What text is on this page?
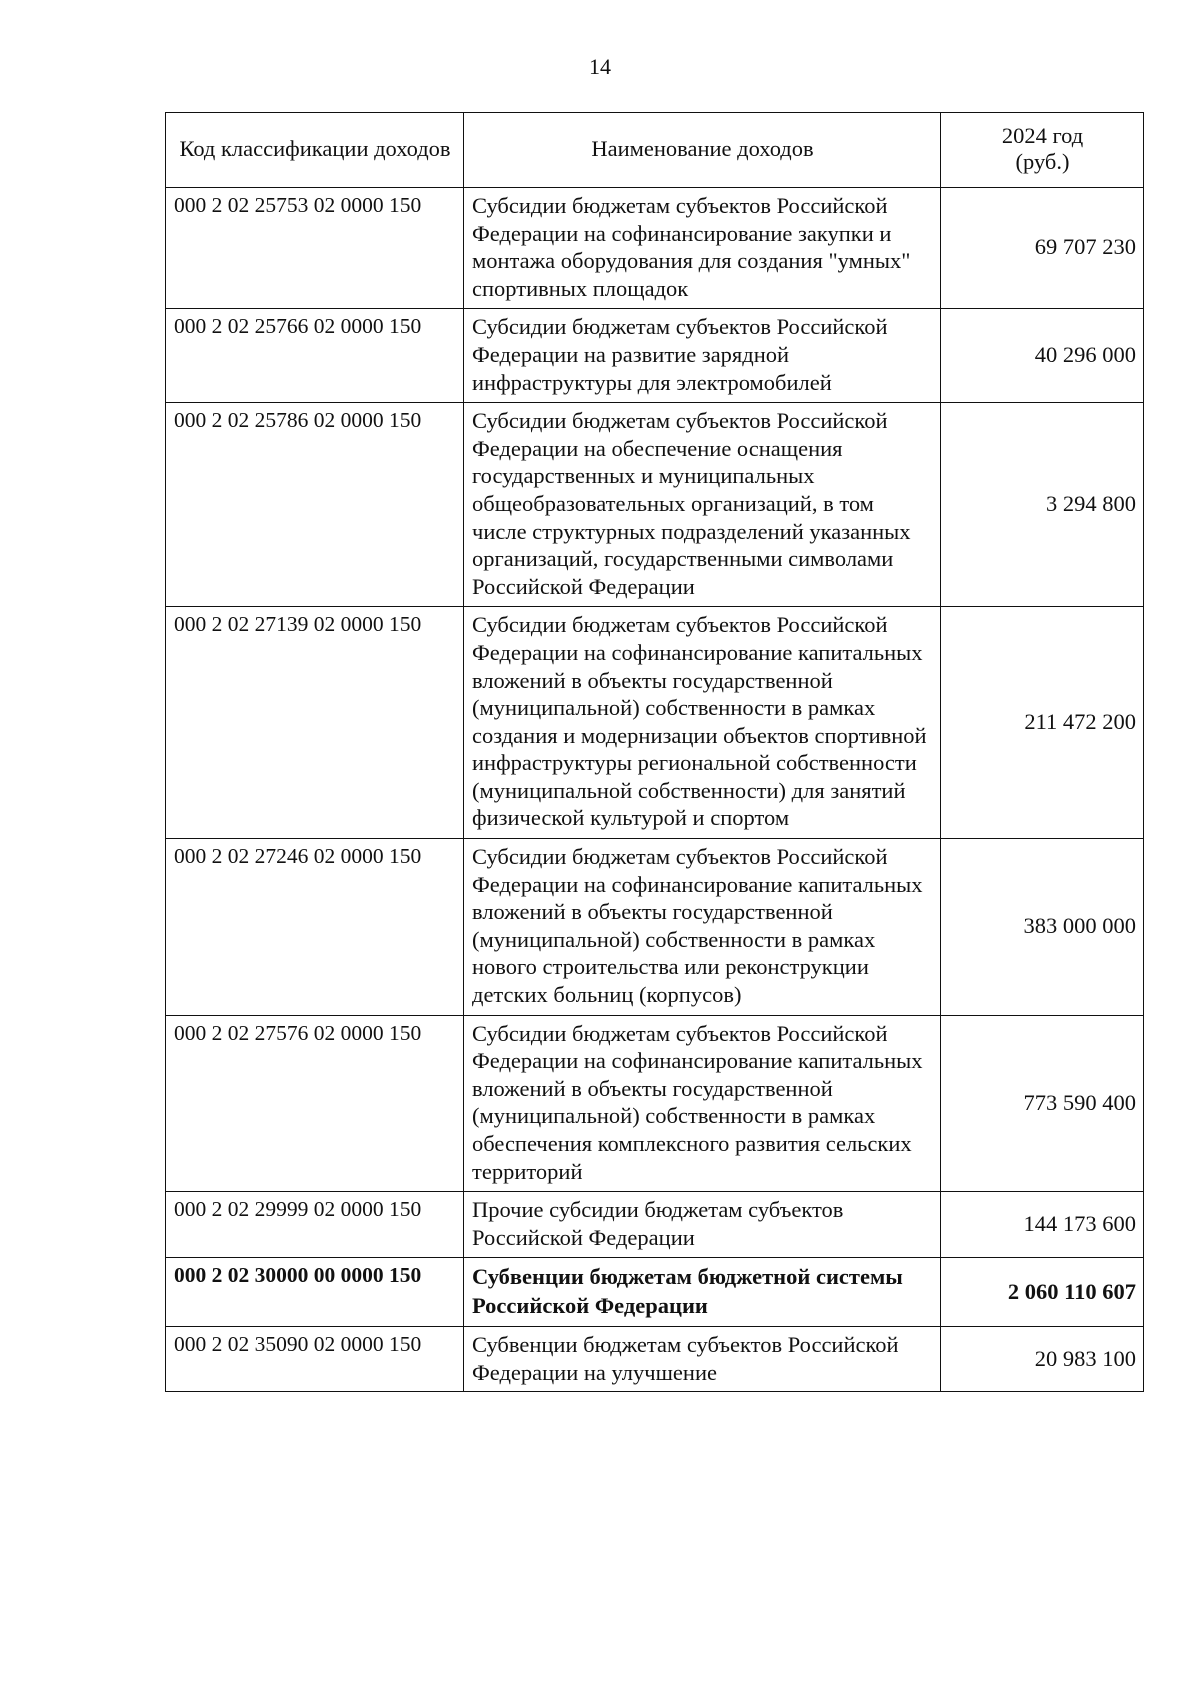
14
Код классификации доходов	Наименование доходов	2024 год
(руб.)
000 2 02 25753 02 0000 150	Субсидии бюджетам субъектов Российской Федерации на софинансирование закупки и монтажа оборудования для создания "умных" спортивных площадок	69 707 230
000 2 02 25766 02 0000 150	Субсидии бюджетам субъектов Российской Федерации на развитие зарядной инфраструктуры для электромобилей	40 296 000
000 2 02 25786 02 0000 150	Субсидии бюджетам субъектов Российской Федерации на обеспечение оснащения государственных и муниципальных общеобразовательных организаций, в том числе структурных подразделений указанных организаций, государственными символами Российской Федерации	3 294 800
000 2 02 27139 02 0000 150	Субсидии бюджетам субъектов Российской Федерации на софинансирование капитальных вложений в объекты государственной (муниципальной) собственности в рамках создания и модернизации объектов спортивной инфраструктуры региональной собственности (муниципальной собственности) для занятий физической культурой и спортом	211 472 200
000 2 02 27246 02 0000 150	Субсидии бюджетам субъектов Российской Федерации на софинансирование капитальных вложений в объекты государственной (муниципальной) собственности в рамках нового строительства или реконструкции детских больниц (корпусов)	383 000 000
000 2 02 27576 02 0000 150	Субсидии бюджетам субъектов Российской Федерации на софинансирование капитальных вложений в объекты государственной (муниципальной) собственности в рамках обеспечения комплексного развития сельских территорий	773 590 400
000 2 02 29999 02 0000 150	Прочие субсидии бюджетам субъектов Российской Федерации	144 173 600
000 2 02 30000 00 0000 150	Субвенции бюджетам бюджетной системы Российской Федерации	2 060 110 607
000 2 02 35090 02 0000 150	Субвенции бюджетам субъектов Российской Федерации на улучшение	20 983 100
